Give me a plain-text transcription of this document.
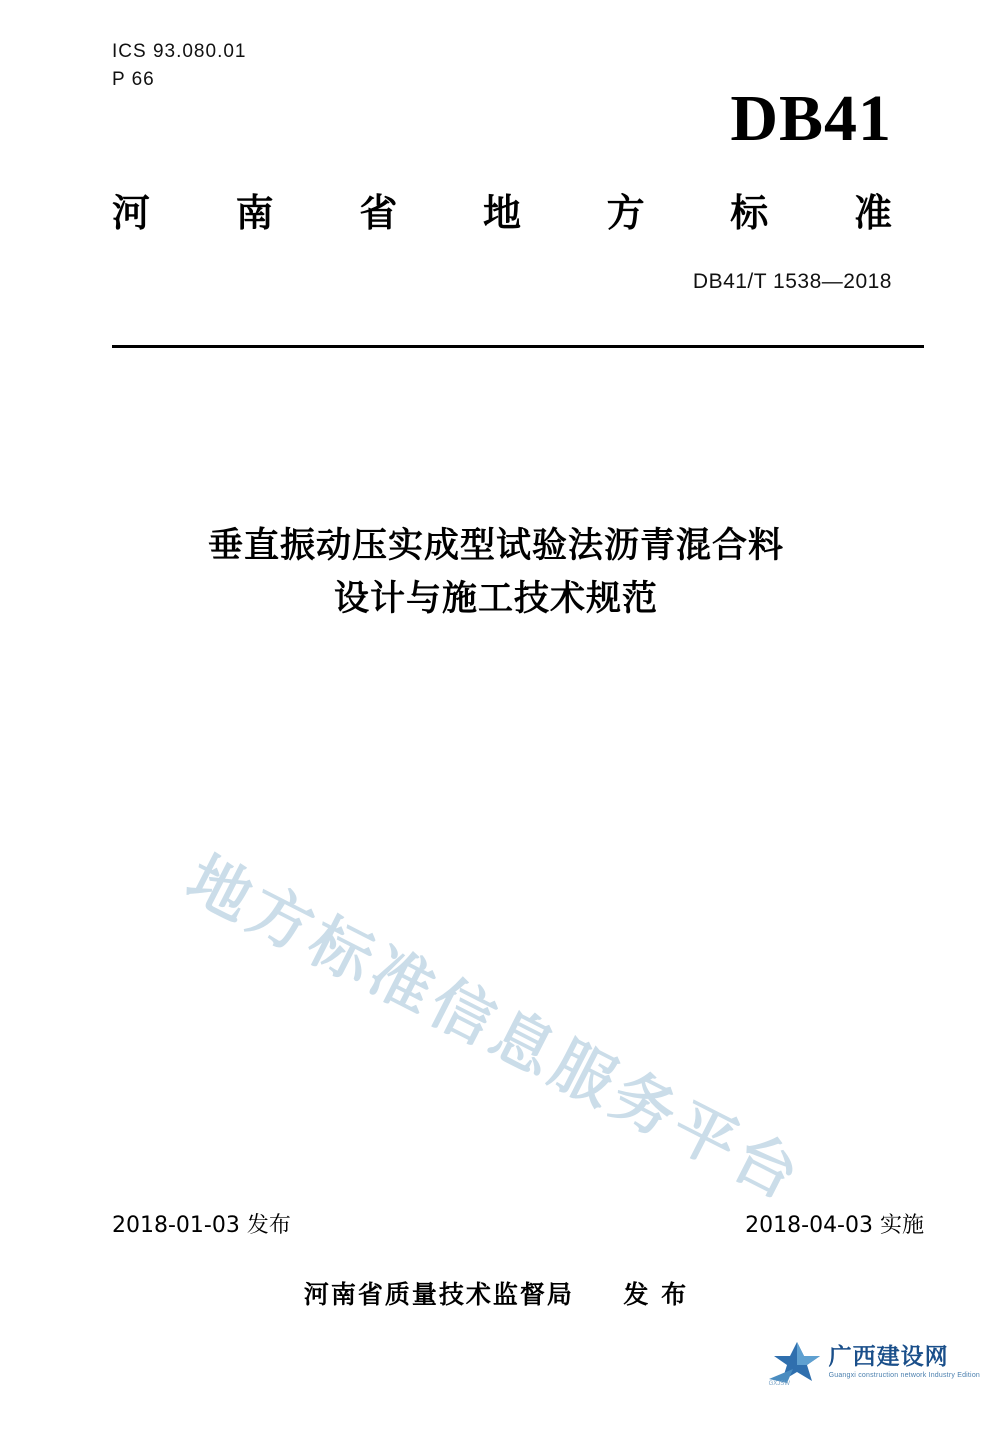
ICS 93.080.01
P 66
DB41
河 南 省 地 方 标 准
DB41/T 1538—2018
垂直振动压实成型试验法沥青混合料
设计与施工技术规范
地方标准信息服务平台
2018-01-03 发布	2018-04-03 实施
河南省质量技术监督局 发 布
GXJSW
广西建设网
Guangxi construction network Industry Edition
